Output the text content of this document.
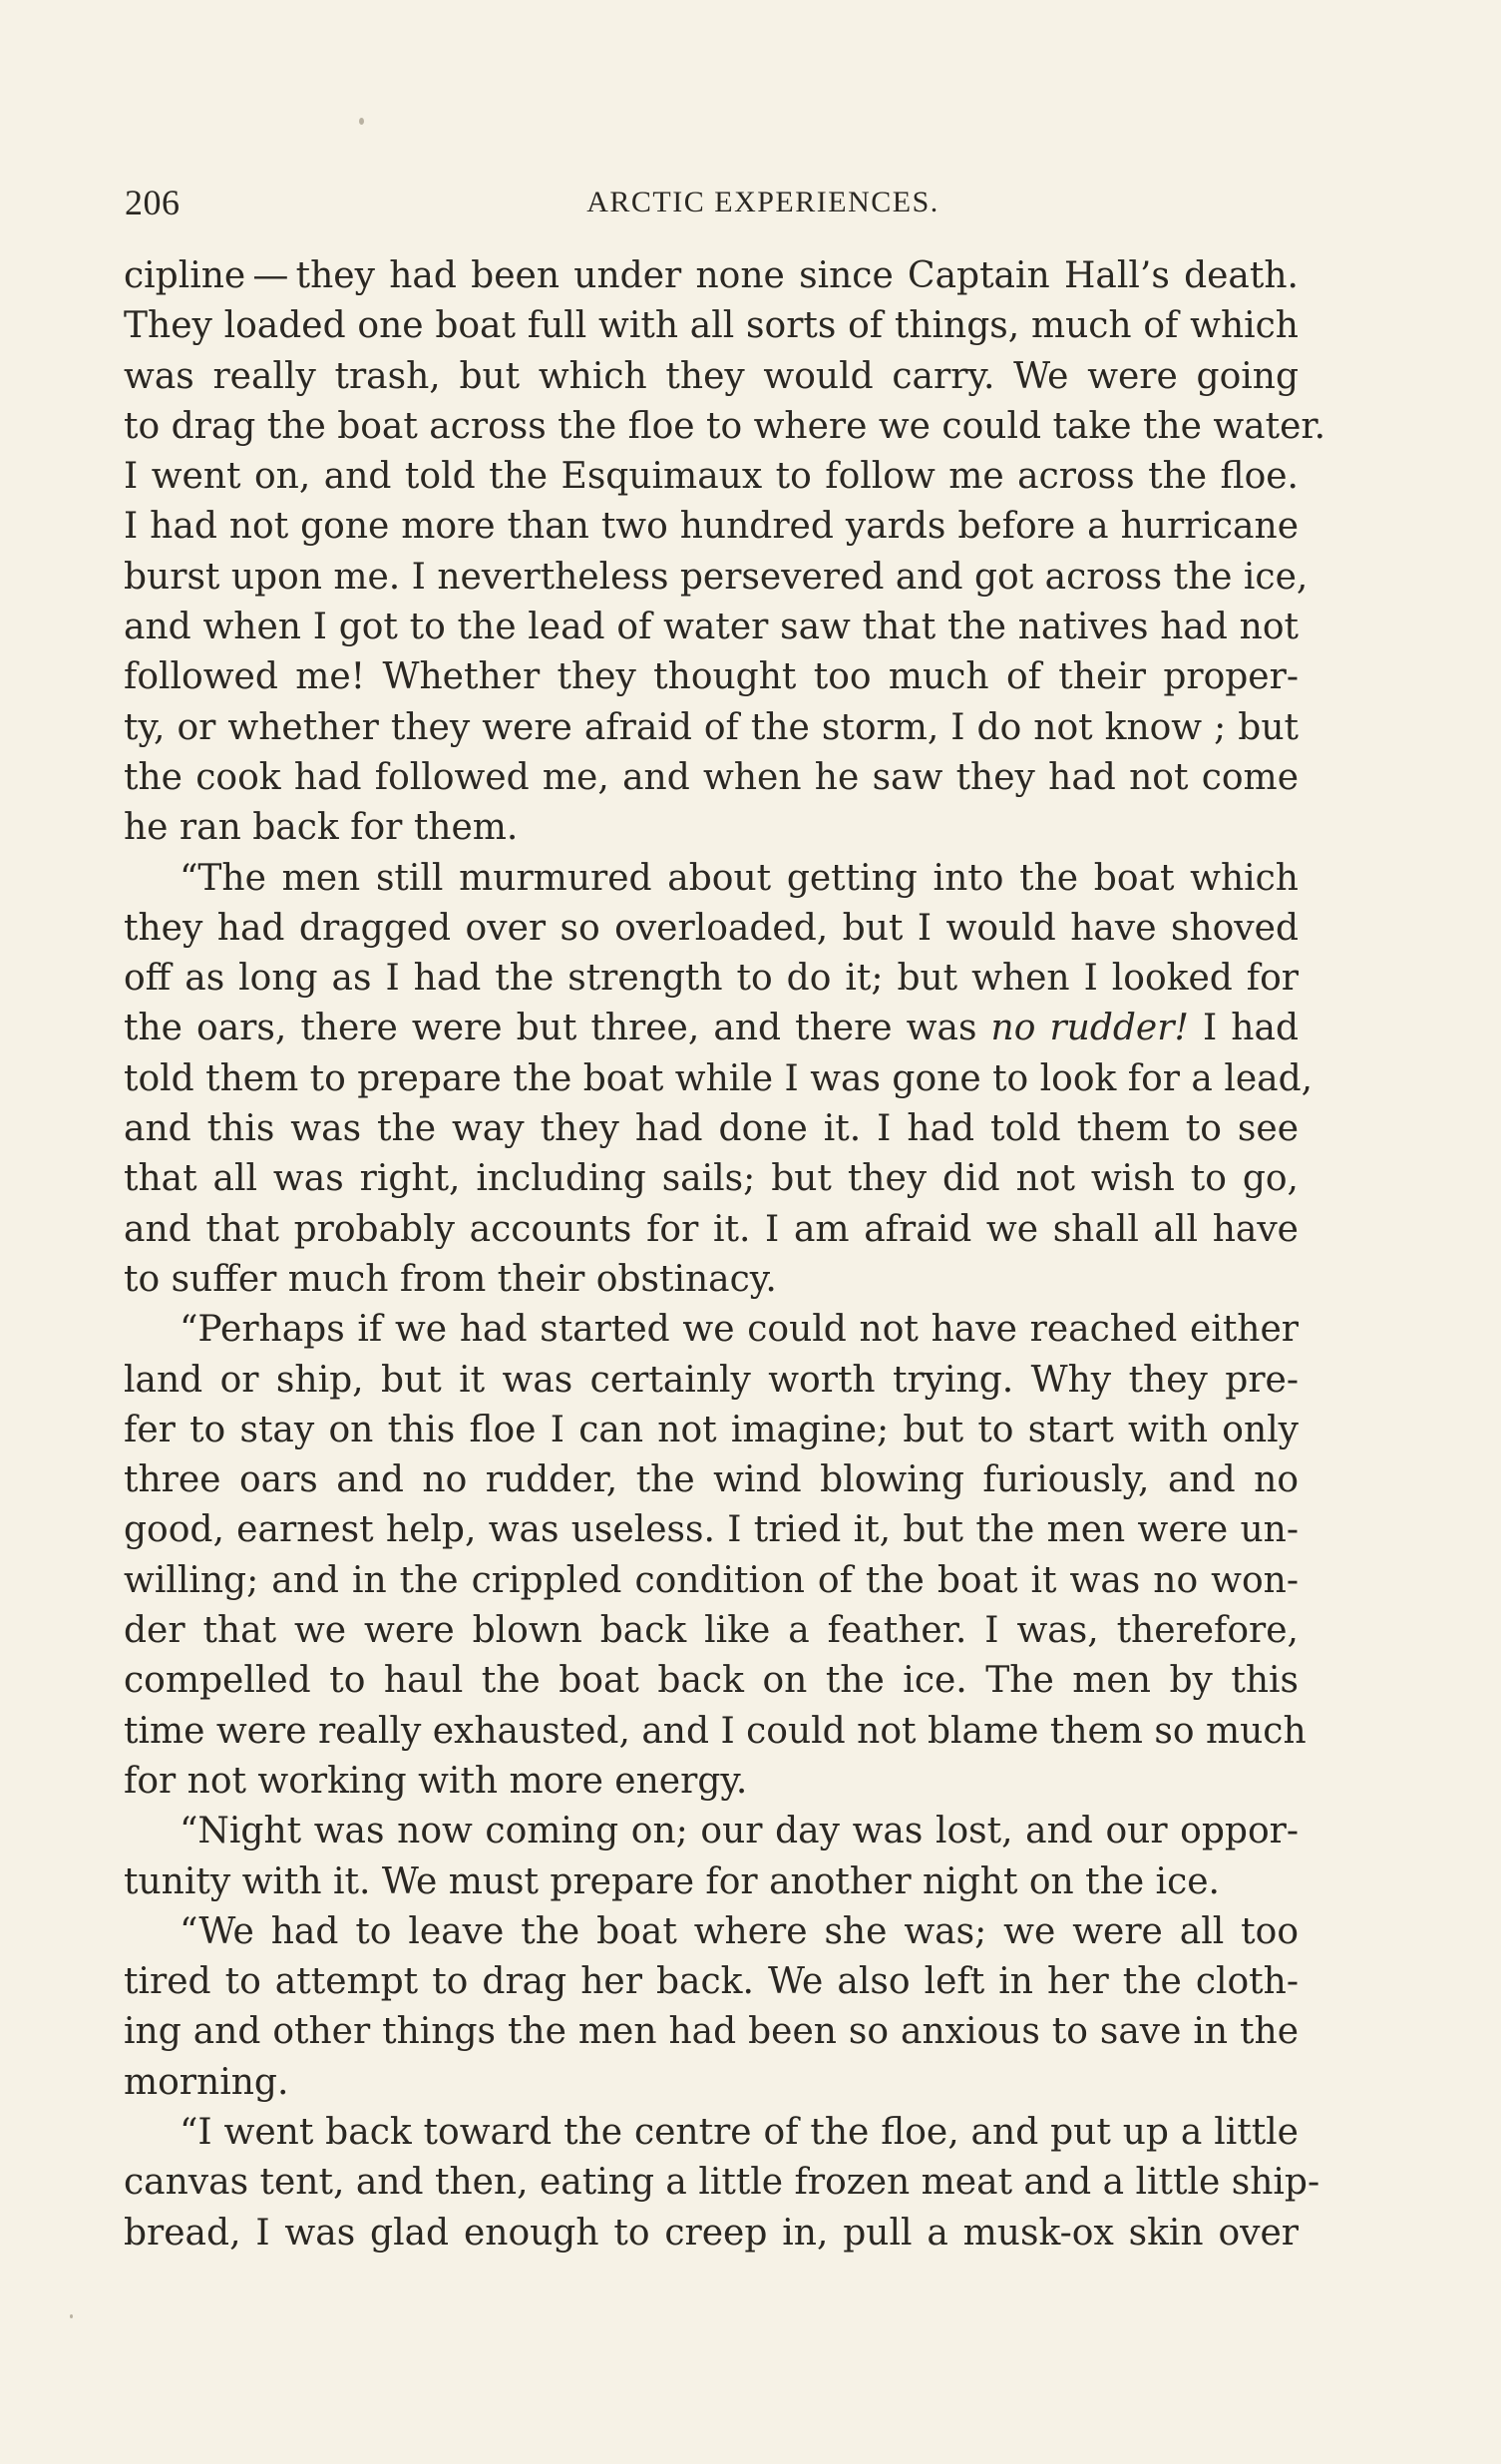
206	ARCTIC EXPERIENCES.
cipline — they had been under none since Captain Hall’s death.
They loaded one boat full with all sorts of things, much of which
was really trash, but which they would carry. We were going
to drag the boat across the floe to where we could take the water.
I went on, and told the Esquimaux to follow me across the floe.
I had not gone more than two hundred yards before a hurricane
burst upon me. I nevertheless persevered and got across the ice,
and when I got to the lead of water saw that the natives had not
followed me! Whether they thought too much of their proper-
ty, or whether they were afraid of the storm, I do not know ; but
the cook had followed me, and when he saw they had not come
he ran back for them.
“The men still murmured about getting into the boat which
they had dragged over so overloaded, but I would have shoved
off as long as I had the strength to do it; but when I looked for
the oars, there were but three, and there was no rudder! I had
told them to prepare the boat while I was gone to look for a lead,
and this was the way they had done it. I had told them to see
that all was right, including sails; but they did not wish to go,
and that probably accounts for it. I am afraid we shall all have
to suffer much from their obstinacy.
“Perhaps if we had started we could not have reached either
land or ship, but it was certainly worth trying. Why they pre-
fer to stay on this floe I can not imagine; but to start with only
three oars and no rudder, the wind blowing furiously, and no
good, earnest help, was useless. I tried it, but the men were un-
willing; and in the crippled condition of the boat it was no won-
der that we were blown back like a feather. I was, therefore,
compelled to haul the boat back on the ice. The men by this
time were really exhausted, and I could not blame them so much
for not working with more energy.
“Night was now coming on; our day was lost, and our oppor-
tunity with it. We must prepare for another night on the ice.
“We had to leave the boat where she was; we were all too
tired to attempt to drag her back. We also left in her the cloth-
ing and other things the men had been so anxious to save in the
morning.
“I went back toward the centre of the floe, and put up a little
canvas tent, and then, eating a little frozen meat and a little ship-
bread, I was glad enough to creep in, pull a musk-ox skin over
